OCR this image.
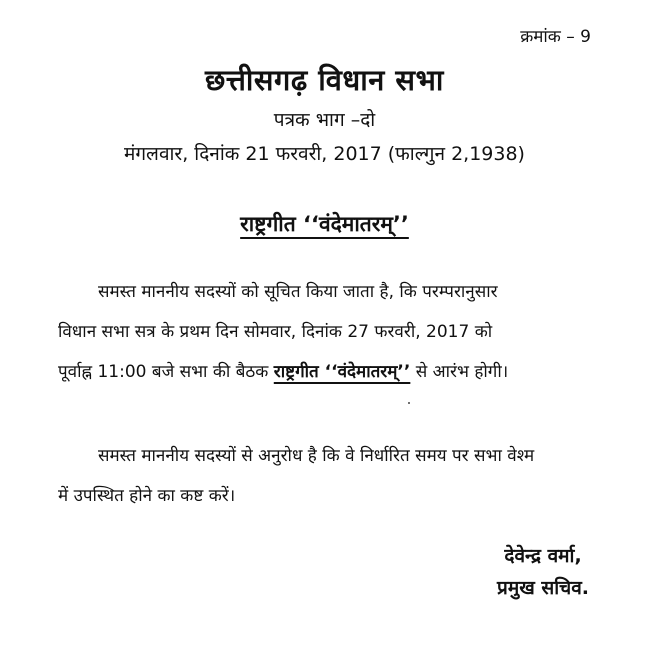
क्रमांक – 9
छत्तीसगढ़ विधान सभा
पत्रक भाग –दो
मंगलवार, दिनांक 21 फरवरी, 2017 (फाल्गुन 2,1938)
राष्ट्रगीत ‘‘वंदेमातरम्’’
समस्त माननीय सदस्यों को सूचित किया जाता है, कि परम्परानुसार
विधान सभा सत्र के प्रथम दिन सोमवार, दिनांक 27 फरवरी, 2017 को
पूर्वाह्न 11:00 बजे सभा की बैठक राष्ट्रगीत ‘‘वंदेमातरम्’’ से आरंभ होगी।
समस्त माननीय सदस्यों से अनुरोध है कि वे निर्धारित समय पर सभा वेश्म
में उपस्थित होने का कष्ट करें।
देवेन्द्र वर्मा,
प्रमुख सचिव.
